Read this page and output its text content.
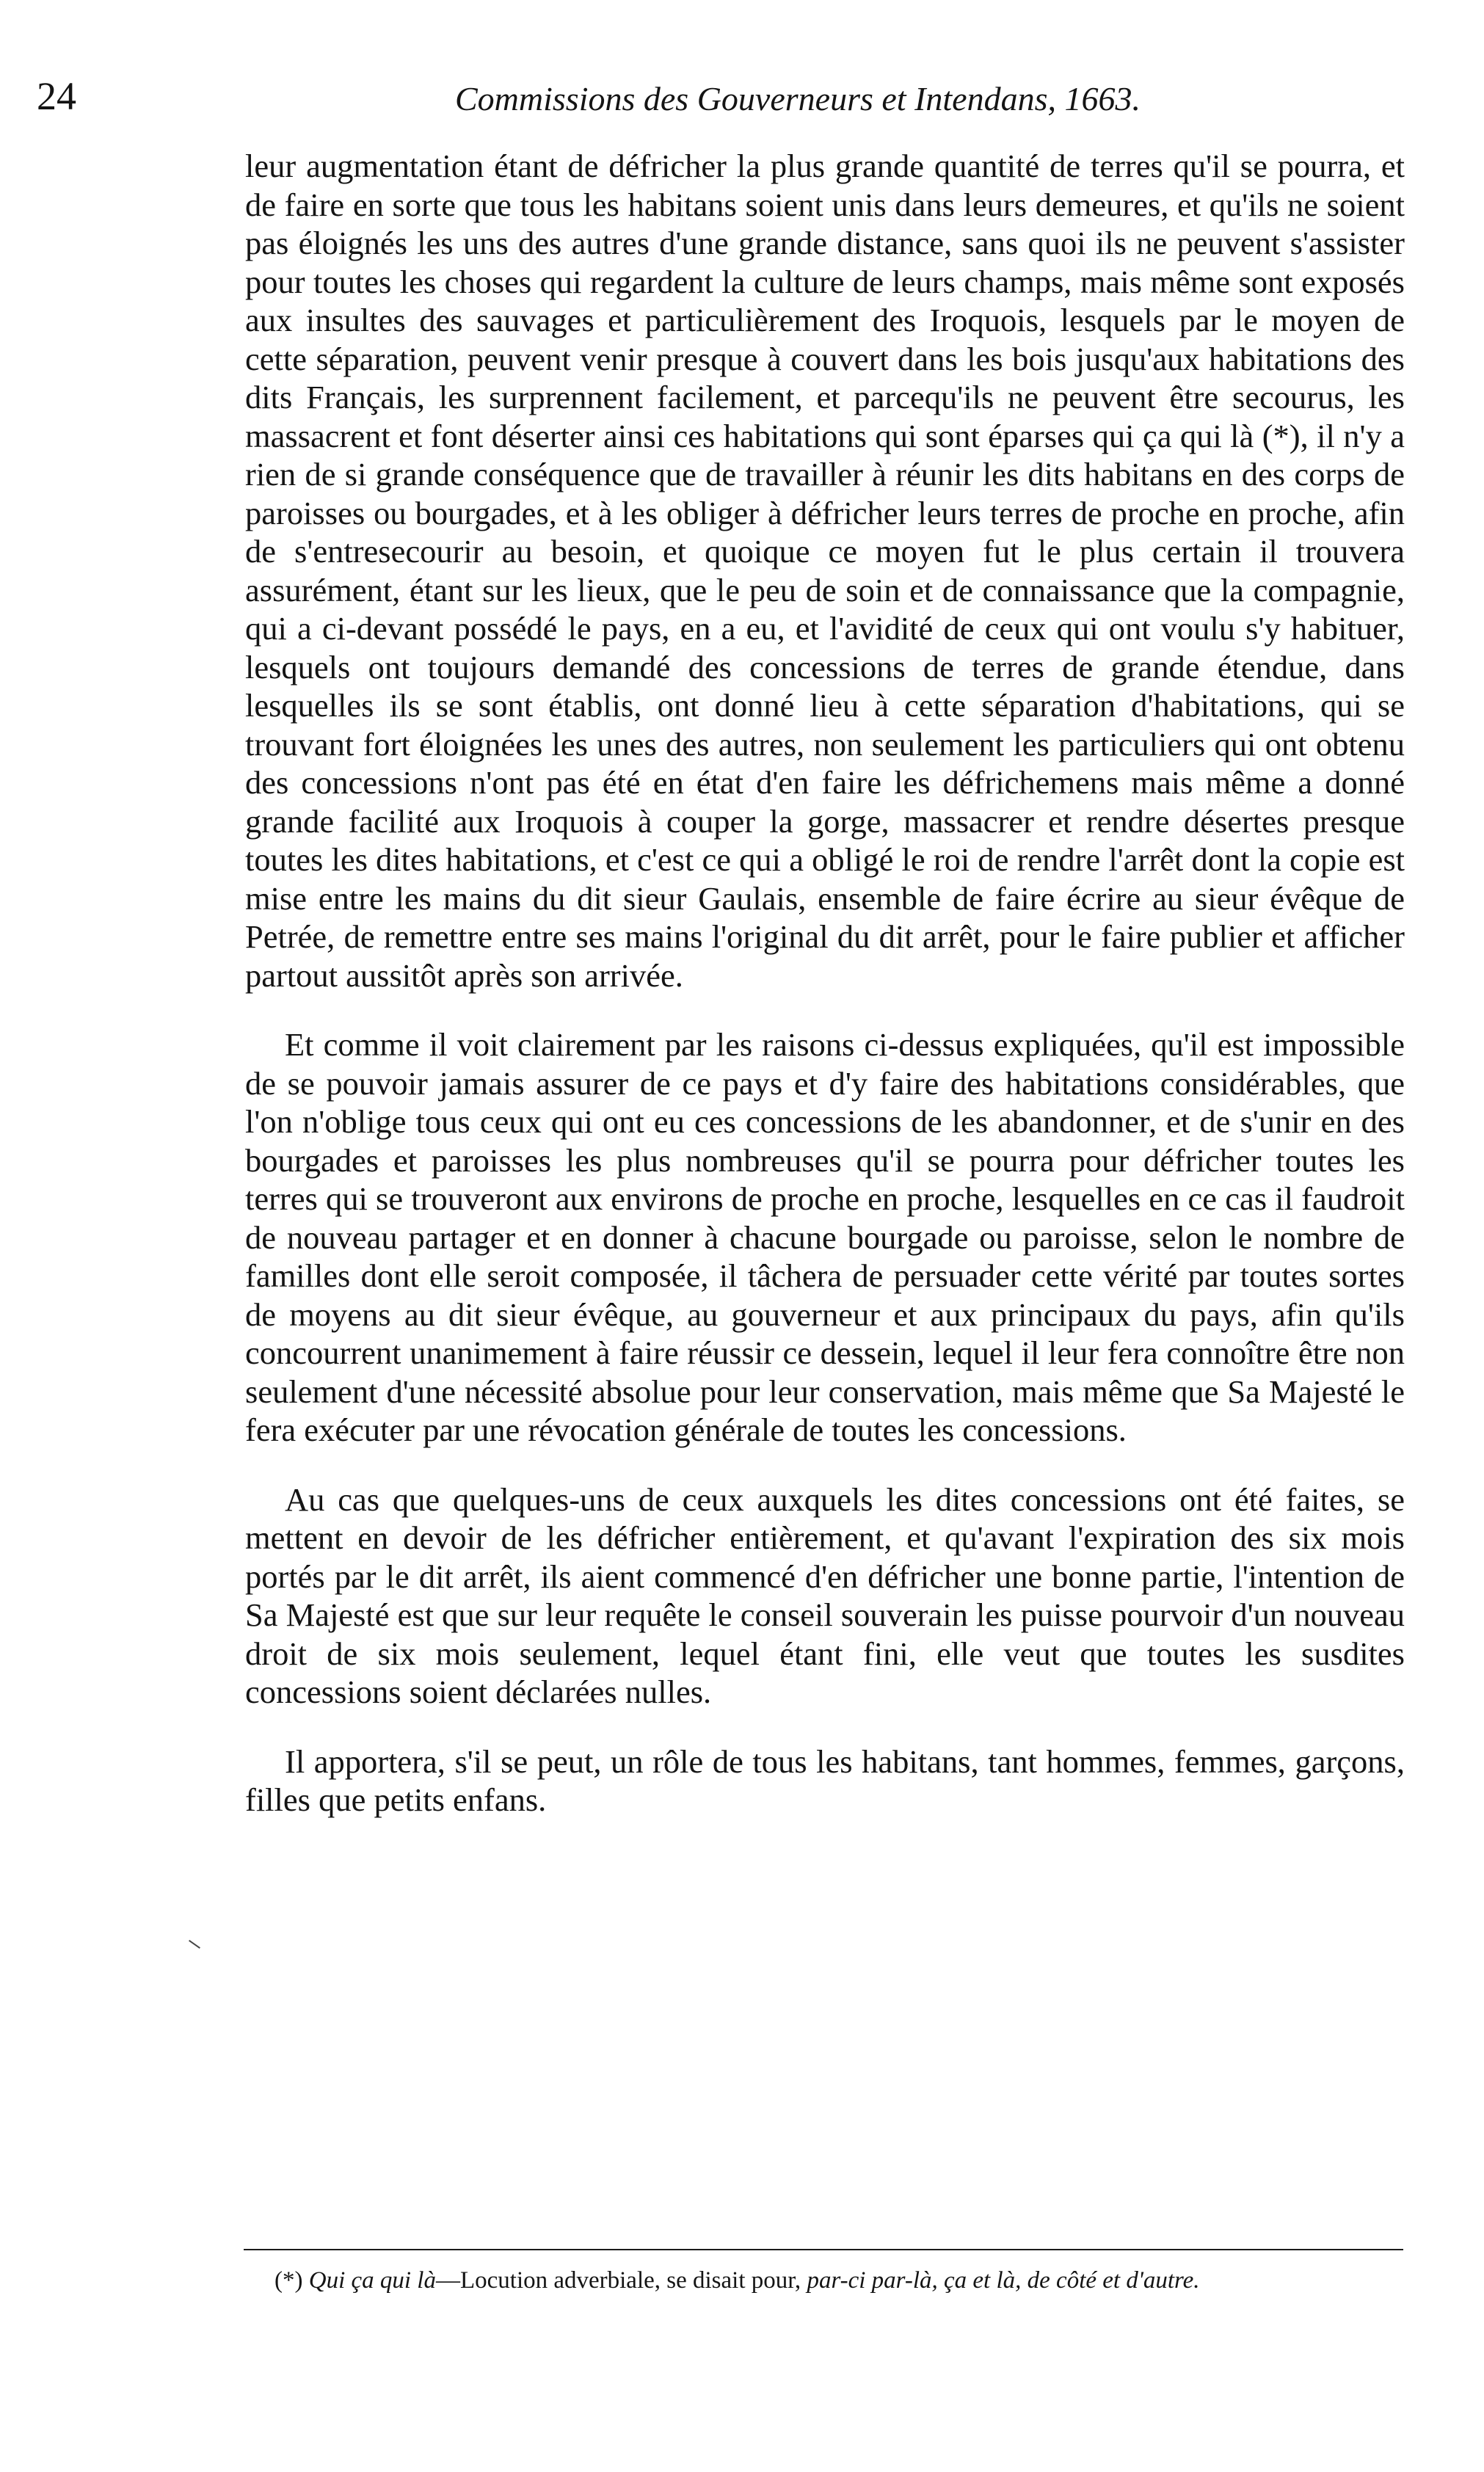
24	Commissions des Gouverneurs et Intendans, 1663.

leur augmentation étant de défricher la plus grande quantité de terres qu'il se pourra, et de faire en sorte que tous les habitans soient unis dans leurs demeures, et qu'ils ne soient pas éloignés les uns des autres d'une grande distance, sans quoi ils ne peuvent s'assister pour toutes les choses qui regardent la culture de leurs champs, mais même sont exposés aux insultes des sauvages et particulièrement des Iroquois, lesquels par le moyen de cette séparation, peuvent venir presque à couvert dans les bois jusqu'aux habitations des dits Français, les surprennent facilement, et parcequ'ils ne peuvent être secourus, les massacrent et font déserter ainsi ces habitations qui sont éparses qui ça qui là (*), il n'y a rien de si grande conséquence que de travailler à réunir les dits habitans en des corps de paroisses ou bourgades, et à les obliger à défricher leurs terres de proche en proche, afin de s'entresecourir au besoin, et quoique ce moyen fut le plus certain il trouvera assurément, étant sur les lieux, que le peu de soin et de connaissance que la compagnie, qui a ci-devant possédé le pays, en a eu, et l'avidité de ceux qui ont voulu s'y habituer, lesquels ont toujours demandé des concessions de terres de grande étendue, dans lesquelles ils se sont établis, ont donné lieu à cette séparation d'habitations, qui se trouvant fort éloignées les unes des autres, non seulement les particuliers qui ont obtenu des concessions n'ont pas été en état d'en faire les défrichemens mais même a donné grande facilité aux Iroquois à couper la gorge, massacrer et rendre désertes presque toutes les dites habitations, et c'est ce qui a obligé le roi de rendre l'arrêt dont la copie est mise entre les mains du dit sieur Gaulais, ensemble de faire écrire au sieur évêque de Petrée, de remettre entre ses mains l'original du dit arrêt, pour le faire publier et afficher partout aussitôt après son arrivée.

Et comme il voit clairement par les raisons ci-dessus expliquées, qu'il est impossible de se pouvoir jamais assurer de ce pays et d'y faire des habitations considérables, que l'on n'oblige tous ceux qui ont eu ces concessions de les abandonner, et de s'unir en des bourgades et paroisses les plus nombreuses qu'il se pourra pour défricher toutes les terres qui se trouveront aux environs de proche en proche, lesquelles en ce cas il faudroit de nouveau partager et en donner à chacune bourgade ou paroisse, selon le nombre de familles dont elle seroit composée, il tâchera de persuader cette vérité par toutes sortes de moyens au dit sieur évêque, au gouverneur et aux principaux du pays, afin qu'ils concourrent unanimement à faire réussir ce dessein, lequel il leur fera connoître être non seulement d'une nécessité absolue pour leur conservation, mais même que Sa Majesté le fera exécuter par une révocation générale de toutes les concessions.

Au cas que quelques-uns de ceux auxquels les dites concessions ont été faites, se mettent en devoir de les défricher entièrement, et qu'avant l'expiration des six mois portés par le dit arrêt, ils aient commencé d'en défricher une bonne partie, l'intention de Sa Majesté est que sur leur requête le conseil souverain les puisse pourvoir d'un nouveau droit de six mois seulement, lequel étant fini, elle veut que toutes les susdites concessions soient déclarées nulles.

Il apportera, s'il se peut, un rôle de tous les habitans, tant hommes, femmes, garçons, filles que petits enfans.

(*) Qui ça qui là—Locution adverbiale, se disait pour, par-ci par-là, ça et là, de côté et d'autre.
